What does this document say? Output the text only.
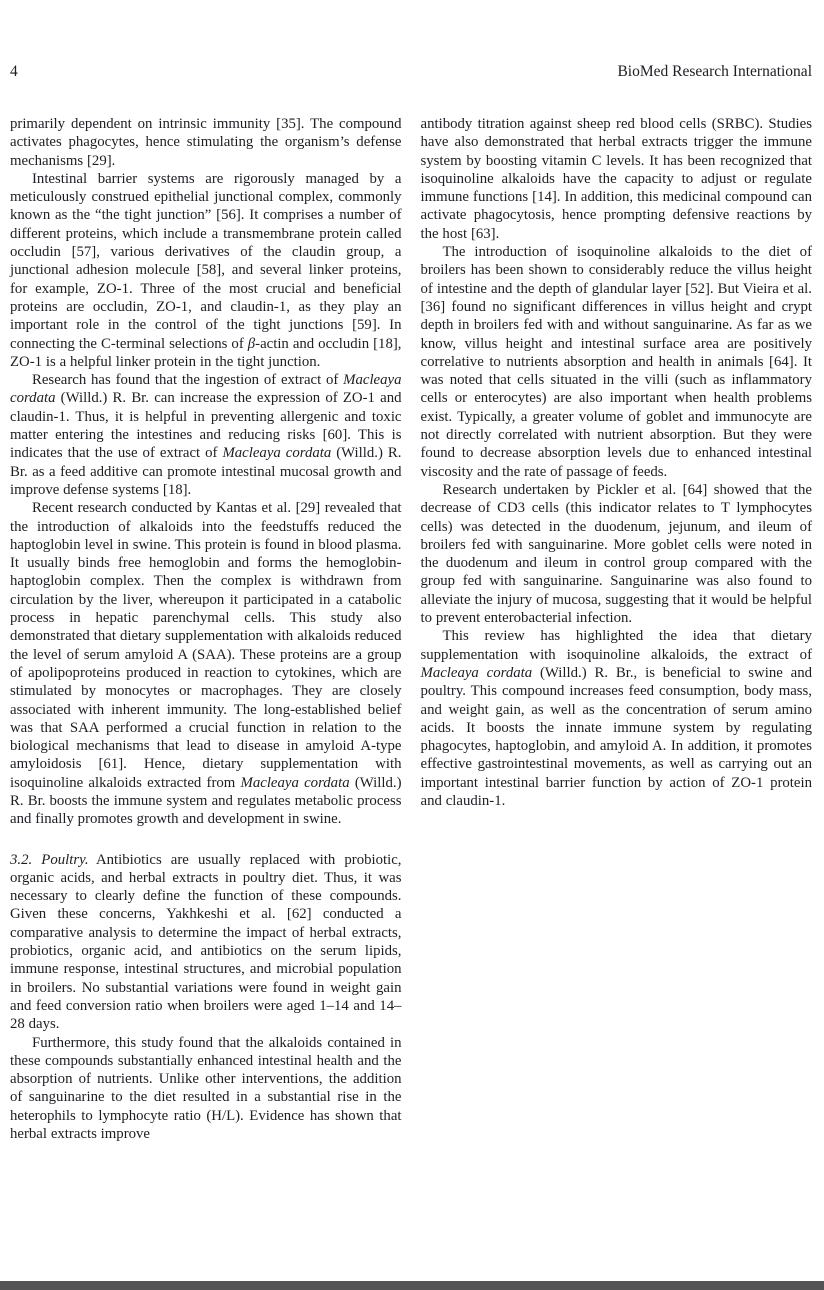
4	BioMed Research International

primarily dependent on intrinsic immunity [35]. The compound activates phagocytes, hence stimulating the organism’s defense mechanisms [29].

Intestinal barrier systems are rigorously managed by a meticulously construed epithelial junctional complex, commonly known as the “the tight junction” [56]. It comprises a number of different proteins, which include a transmembrane protein called occludin [57], various derivatives of the claudin group, a junctional adhesion molecule [58], and several linker proteins, for example, ZO-1. Three of the most crucial and beneficial proteins are occludin, ZO-1, and claudin-1, as they play an important role in the control of the tight junctions [59]. In connecting the C-terminal selections of β-actin and occludin [18], ZO-1 is a helpful linker protein in the tight junction.

Research has found that the ingestion of extract of Macleaya cordata (Willd.) R. Br. can increase the expression of ZO-1 and claudin-1. Thus, it is helpful in preventing allergenic and toxic matter entering the intestines and reducing risks [60]. This is indicates that the use of extract of Macleaya cordata (Willd.) R. Br. as a feed additive can promote intestinal mucosal growth and improve defense systems [18].

Recent research conducted by Kantas et al. [29] revealed that the introduction of alkaloids into the feedstuffs reduced the haptoglobin level in swine. This protein is found in blood plasma. It usually binds free hemoglobin and forms the hemoglobin-haptoglobin complex. Then the complex is withdrawn from circulation by the liver, whereupon it participated in a catabolic process in hepatic parenchymal cells. This study also demonstrated that dietary supplementation with alkaloids reduced the level of serum amyloid A (SAA). These proteins are a group of apolipoproteins produced in reaction to cytokines, which are stimulated by monocytes or macrophages. They are closely associated with inherent immunity. The long-established belief was that SAA performed a crucial function in relation to the biological mechanisms that lead to disease in amyloid A-type amyloidosis [61]. Hence, dietary supplementation with isoquinoline alkaloids extracted from Macleaya cordata (Willd.) R. Br. boosts the immune system and regulates metabolic process and finally promotes growth and development in swine.

3.2. Poultry. Antibiotics are usually replaced with probiotic, organic acids, and herbal extracts in poultry diet. Thus, it was necessary to clearly define the function of these compounds. Given these concerns, Yakhkeshi et al. [62] conducted a comparative analysis to determine the impact of herbal extracts, probiotics, organic acid, and antibiotics on the serum lipids, immune response, intestinal structures, and microbial population in broilers. No substantial variations were found in weight gain and feed conversion ratio when broilers were aged 1–14 and 14–28 days.

Furthermore, this study found that the alkaloids contained in these compounds substantially enhanced intestinal health and the absorption of nutrients. Unlike other interventions, the addition of sanguinarine to the diet resulted in a substantial rise in the heterophils to lymphocyte ratio (H/L). Evidence has shown that herbal extracts improve

antibody titration against sheep red blood cells (SRBC). Studies have also demonstrated that herbal extracts trigger the immune system by boosting vitamin C levels. It has been recognized that isoquinoline alkaloids have the capacity to adjust or regulate immune functions [14]. In addition, this medicinal compound can activate phagocytosis, hence prompting defensive reactions by the host [63].

The introduction of isoquinoline alkaloids to the diet of broilers has been shown to considerably reduce the villus height of intestine and the depth of glandular layer [52]. But Vieira et al.[36] found no significant differences in villus height and crypt depth in broilers fed with and without sanguinarine. As far as we know, villus height and intestinal surface area are positively correlative to nutrients absorption and health in animals [64]. It was noted that cells situated in the villi (such as inflammatory cells or enterocytes) are also important when health problems exist. Typically, a greater volume of goblet and immunocyte are not directly correlated with nutrient absorption. But they were found to decrease absorption levels due to enhanced intestinal viscosity and the rate of passage of feeds.

Research undertaken by Pickler et al. [64] showed that the decrease of CD3 cells (this indicator relates to T lymphocytes cells) was detected in the duodenum, jejunum, and ileum of broilers fed with sanguinarine. More goblet cells were noted in the duodenum and ileum in control group compared with the group fed with sanguinarine. Sanguinarine was also found to alleviate the injury of mucosa, suggesting that it would be helpful to prevent enterobacterial infection.

This review has highlighted the idea that dietary supplementation with isoquinoline alkaloids, the extract of Macleaya cordata (Willd.) R. Br., is beneficial to swine and poultry. This compound increases feed consumption, body mass, and weight gain, as well as the concentration of serum amino acids. It boosts the innate immune system by regulating phagocytes, haptoglobin, and amyloid A. In addition, it promotes effective gastrointestinal movements, as well as carrying out an important intestinal barrier function by action of ZO-1 protein and claudin-1.
